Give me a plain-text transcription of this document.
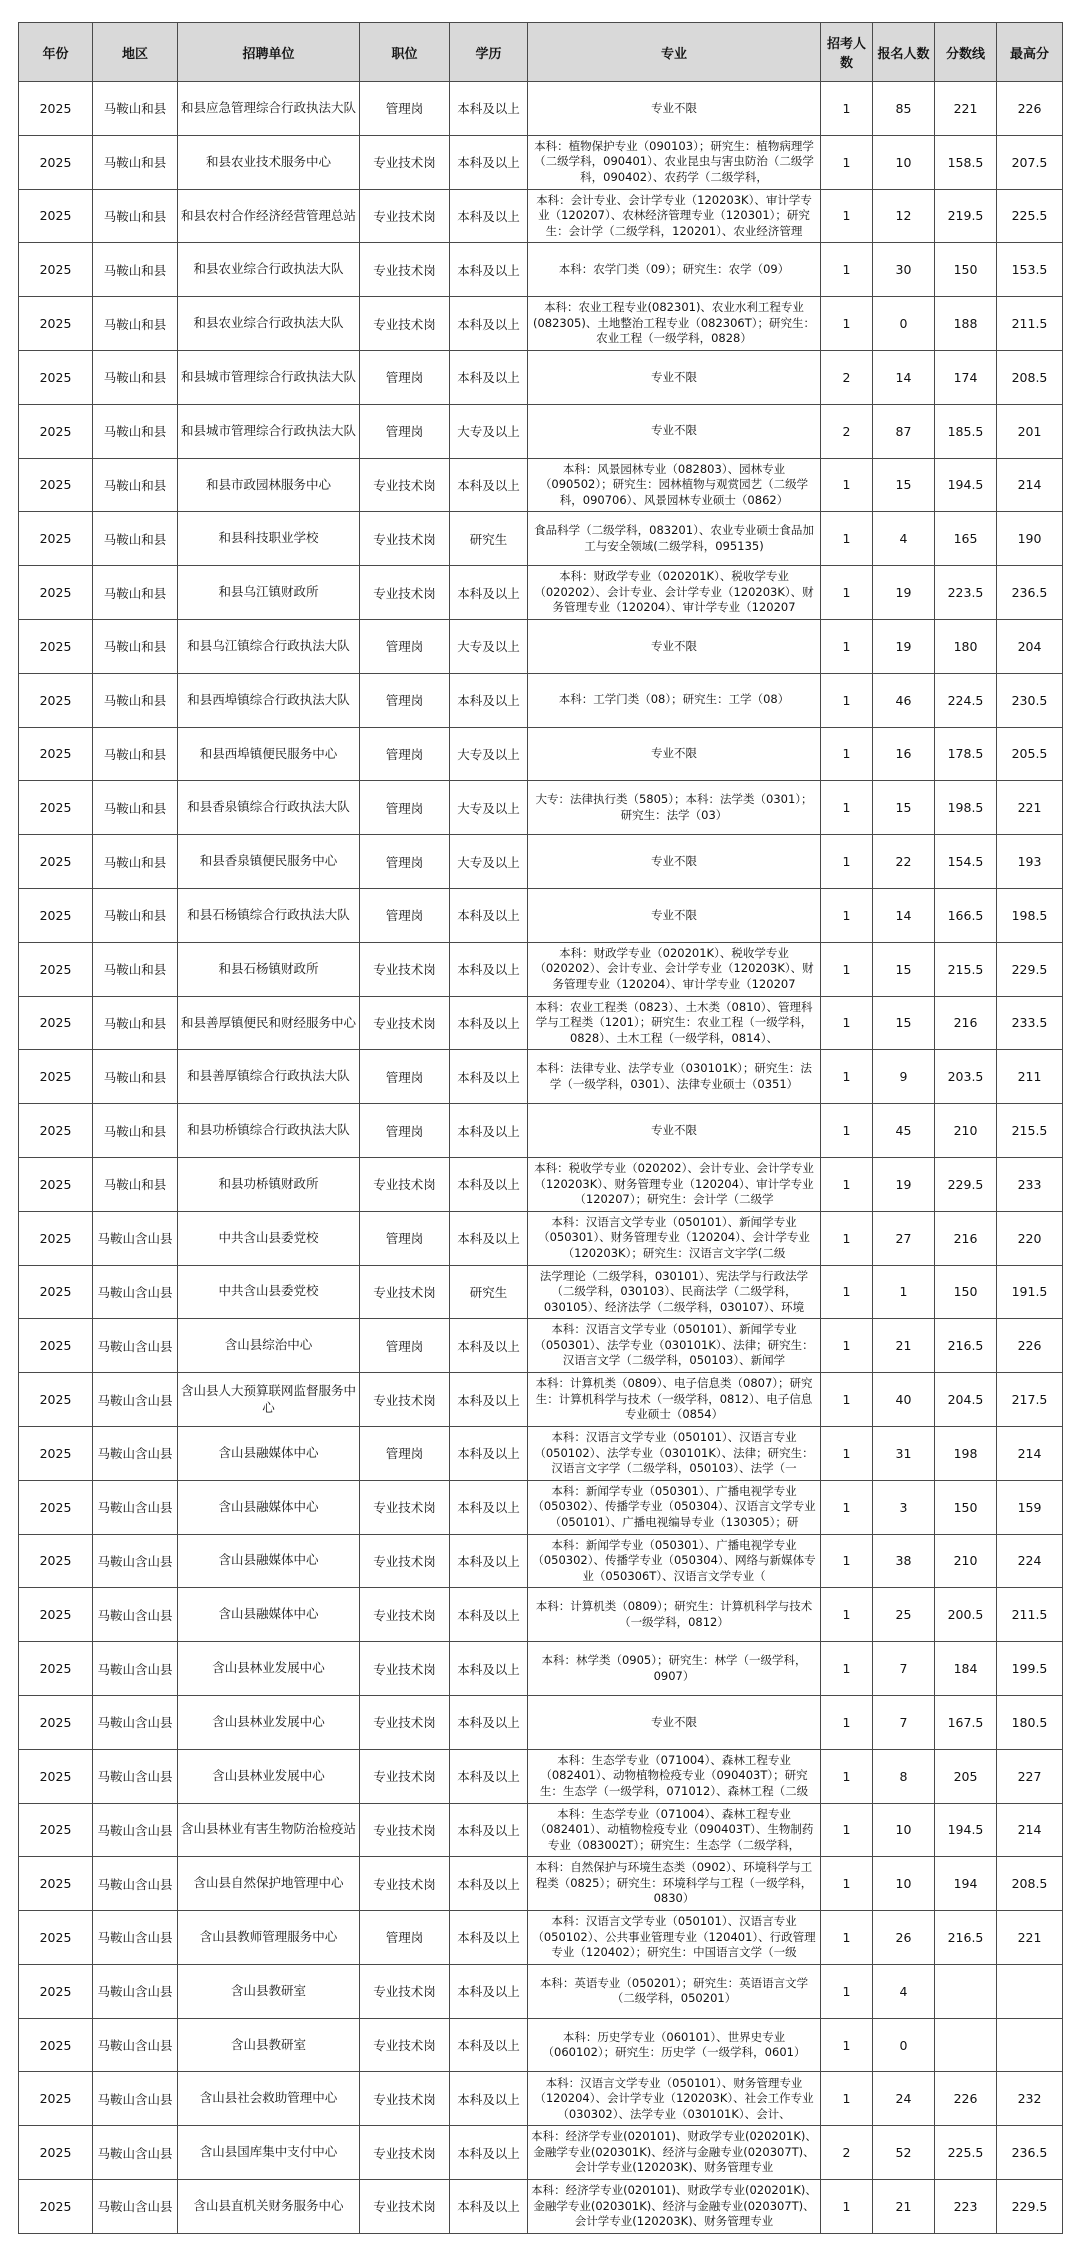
年份	地区	招聘单位	职位	学历	专业	招考人数	报名人数	分数线	最高分
2025	马鞍山和县	和县应急管理综合行政执法大队	管理岗	本科及以上	专业不限	1	85	221	226
2025	马鞍山和县	和县农业技术服务中心	专业技术岗	本科及以上	本科：植物保护专业（090103）；研究生：植物病理学（二级学科，090401）、农业昆虫与害虫防治（二级学科，090402）、农药学（二级学科，	1	10	158.5	207.5
2025	马鞍山和县	和县农村合作经济经营管理总站	专业技术岗	本科及以上	本科：会计专业、会计学专业（120203K）、审计学专业（120207）、农林经济管理专业（120301）；研究生：会计学（二级学科，120201）、农业经济管理	1	12	219.5	225.5
2025	马鞍山和县	和县农业综合行政执法大队	专业技术岗	本科及以上	本科：农学门类（09）；研究生：农学（09）	1	30	150	153.5
2025	马鞍山和县	和县农业综合行政执法大队	专业技术岗	本科及以上	本科：农业工程专业(082301)、农业水利工程专业(082305)、土地整治工程专业（082306T）；研究生：农业工程（一级学科，0828）	1	0	188	211.5
2025	马鞍山和县	和县城市管理综合行政执法大队	管理岗	本科及以上	专业不限	2	14	174	208.5
2025	马鞍山和县	和县城市管理综合行政执法大队	管理岗	大专及以上	专业不限	2	87	185.5	201
2025	马鞍山和县	和县市政园林服务中心	专业技术岗	本科及以上	本科：风景园林专业（082803）、园林专业（090502）；研究生：园林植物与观赏园艺（二级学科，090706）、风景园林专业硕士（0862）	1	15	194.5	214
2025	马鞍山和县	和县科技职业学校	专业技术岗	研究生	食品科学（二级学科，083201）、农业专业硕士食品加工与安全领域(二级学科，095135)	1	4	165	190
2025	马鞍山和县	和县乌江镇财政所	专业技术岗	本科及以上	本科：财政学专业（020201K）、税收学专业（020202）、会计专业、会计学专业（120203K）、财务管理专业（120204）、审计学专业（120207	1	19	223.5	236.5
2025	马鞍山和县	和县乌江镇综合行政执法大队	管理岗	大专及以上	专业不限	1	19	180	204
2025	马鞍山和县	和县西埠镇综合行政执法大队	管理岗	本科及以上	本科：工学门类（08）；研究生：工学（08）	1	46	224.5	230.5
2025	马鞍山和县	和县西埠镇便民服务中心	管理岗	大专及以上	专业不限	1	16	178.5	205.5
2025	马鞍山和县	和县香泉镇综合行政执法大队	管理岗	大专及以上	大专：法律执行类（5805）；本科：法学类（0301）；研究生：法学（03）	1	15	198.5	221
2025	马鞍山和县	和县香泉镇便民服务中心	管理岗	大专及以上	专业不限	1	22	154.5	193
2025	马鞍山和县	和县石杨镇综合行政执法大队	管理岗	本科及以上	专业不限	1	14	166.5	198.5
2025	马鞍山和县	和县石杨镇财政所	专业技术岗	本科及以上	本科：财政学专业（020201K）、税收学专业（020202）、会计专业、会计学专业（120203K）、财务管理专业（120204）、审计学专业（120207	1	15	215.5	229.5
2025	马鞍山和县	和县善厚镇便民和财经服务中心	专业技术岗	本科及以上	本科：农业工程类（0823）、土木类（0810）、管理科学与工程类（1201）；研究生：农业工程（一级学科，0828）、土木工程（一级学科，0814）、	1	15	216	233.5
2025	马鞍山和县	和县善厚镇综合行政执法大队	管理岗	本科及以上	本科：法律专业、法学专业（030101K）；研究生：法学（一级学科，0301）、法律专业硕士（0351）	1	9	203.5	211
2025	马鞍山和县	和县功桥镇综合行政执法大队	管理岗	本科及以上	专业不限	1	45	210	215.5
2025	马鞍山和县	和县功桥镇财政所	专业技术岗	本科及以上	本科：税收学专业（020202）、会计专业、会计学专业（120203K）、财务管理专业（120204）、审计学专业（120207）；研究生：会计学（二级学	1	19	229.5	233
2025	马鞍山含山县	中共含山县委党校	管理岗	本科及以上	本科：汉语言文学专业（050101）、新闻学专业（050301）、财务管理专业（120204）、会计学专业（120203K）；研究生：汉语言文字学(二级	1	27	216	220
2025	马鞍山含山县	中共含山县委党校	专业技术岗	研究生	法学理论（二级学科，030101）、宪法学与行政法学（二级学科，030103）、民商法学（二级学科，030105）、经济法学（二级学科，030107）、环境	1	1	150	191.5
2025	马鞍山含山县	含山县综治中心	管理岗	本科及以上	本科：汉语言文学专业（050101）、新闻学专业（050301）、法学专业（030101K）、法律；研究生：汉语言文学（二级学科，050103）、新闻学	1	21	216.5	226
2025	马鞍山含山县	含山县人大预算联网监督服务中心	专业技术岗	本科及以上	本科：计算机类（0809）、电子信息类（0807）；研究生：计算机科学与技术（一级学科，0812）、电子信息专业硕士（0854）	1	40	204.5	217.5
2025	马鞍山含山县	含山县融媒体中心	管理岗	本科及以上	本科：汉语言文学专业（050101）、汉语言专业（050102）、法学专业（030101K）、法律；研究生：汉语言文字学（二级学科，050103）、法学（一	1	31	198	214
2025	马鞍山含山县	含山县融媒体中心	专业技术岗	本科及以上	本科：新闻学专业（050301）、广播电视学专业（050302）、传播学专业（050304）、汉语言文学专业（050101）、广播电视编导专业（130305）；研	1	3	150	159
2025	马鞍山含山县	含山县融媒体中心	专业技术岗	本科及以上	本科：新闻学专业（050301）、广播电视学专业（050302）、传播学专业（050304）、网络与新媒体专业（050306T）、汉语言文学专业（	1	38	210	224
2025	马鞍山含山县	含山县融媒体中心	专业技术岗	本科及以上	本科：计算机类（0809）；研究生：计算机科学与技术（一级学科，0812）	1	25	200.5	211.5
2025	马鞍山含山县	含山县林业发展中心	专业技术岗	本科及以上	本科：林学类（0905）；研究生：林学（一级学科，0907）	1	7	184	199.5
2025	马鞍山含山县	含山县林业发展中心	专业技术岗	本科及以上	专业不限	1	7	167.5	180.5
2025	马鞍山含山县	含山县林业发展中心	专业技术岗	本科及以上	本科：生态学专业（071004）、森林工程专业（082401）、动物植物检疫专业（090403T）；研究生：生态学（一级学科，071012）、森林工程（二级	1	8	205	227
2025	马鞍山含山县	含山县林业有害生物防治检疫站	专业技术岗	本科及以上	本科：生态学专业（071004）、森林工程专业（082401）、动植物检疫专业（090403T）、生物制药专业（083002T）；研究生：生态学（二级学科，	1	10	194.5	214
2025	马鞍山含山县	含山县自然保护地管理中心	专业技术岗	本科及以上	本科：自然保护与环境生态类（0902）、环境科学与工程类（0825）；研究生：环境科学与工程（一级学科，0830）	1	10	194	208.5
2025	马鞍山含山县	含山县教师管理服务中心	管理岗	本科及以上	本科：汉语言文学专业（050101）、汉语言专业（050102）、公共事业管理专业（120401）、行政管理专业（120402）；研究生：中国语言文学（一级	1	26	216.5	221
2025	马鞍山含山县	含山县教研室	专业技术岗	本科及以上	本科：英语专业（050201）；研究生：英语语言文学（二级学科，050201）	1	4		
2025	马鞍山含山县	含山县教研室	专业技术岗	本科及以上	本科：历史学专业（060101）、世界史专业（060102）；研究生：历史学（一级学科，0601）	1	0		
2025	马鞍山含山县	含山县社会救助管理中心	专业技术岗	本科及以上	本科：汉语言文学专业（050101）、财务管理专业（120204）、会计学专业（120203K）、社会工作专业（030302）、法学专业（030101K）、会计、	1	24	226	232
2025	马鞍山含山县	含山县国库集中支付中心	专业技术岗	本科及以上	本科：经济学专业(020101)、财政学专业(020201K)、金融学专业(020301K)、经济与金融专业(020307T)、会计学专业(120203K)、财务管理专业	2	52	225.5	236.5
2025	马鞍山含山县	含山县直机关财务服务中心	专业技术岗	本科及以上	本科：经济学专业(020101)、财政学专业(020201K)、金融学专业(020301K)、经济与金融专业(020307T)、会计学专业(120203K)、财务管理专业	1	21	223	229.5
